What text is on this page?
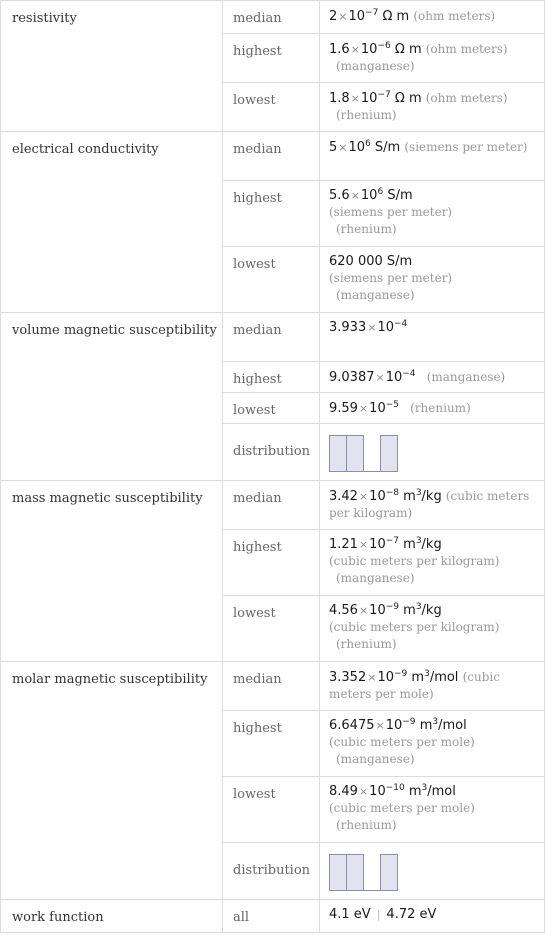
resistivity	median	$2\times 10^{-7}$ Ω m (ohm meters)
	highest	$1.6\times 10^{-6}$ Ω m (ohm meters)
(manganese)
	lowest	$1.8\times 10^{-7}$ Ω m (ohm meters)
(rhenium)
electrical conductivity	median	$5\times 10^6$ S/m (siemens per meter)
	highest	$5.6\times 10^6$ S/m
(siemens per meter)
(rhenium)
	lowest	620 000 S/m
(siemens per meter)
(manganese)
volume magnetic susceptibility	median	$3.933\times 10^{-4}$
	highest	$9.0387\times 10^{-4}$ (manganese)
	lowest	$9.59\times 10^{-5}$ (rhenium)
	distribution	

mass magnetic susceptibility	median	$3.42\times 10^{-8}$ $m^3/kg$ (cubic meters per kilogram)
	highest	$1.21\times 10^{-7}$ $m^3/kg$
(cubic meters per kilogram)
(manganese)
	lowest	$4.56\times 10^{-9}$ $m^3/kg$
(cubic meters per kilogram)
(rhenium)
molar magnetic susceptibility	median	$3.352\times 10^{-9}$ $m^3$/mol (cubic meters per mole)
	highest	$6.6475\times 10^{-9}$ $m^3$/mol
(cubic meters per mole)
(manganese)
	lowest	$8.49\times 10^{-10}$ $m^3$/mol
(cubic meters per mole)
(rhenium)
	distribution	

work function	all	4.1 eV | 4.72 eV
